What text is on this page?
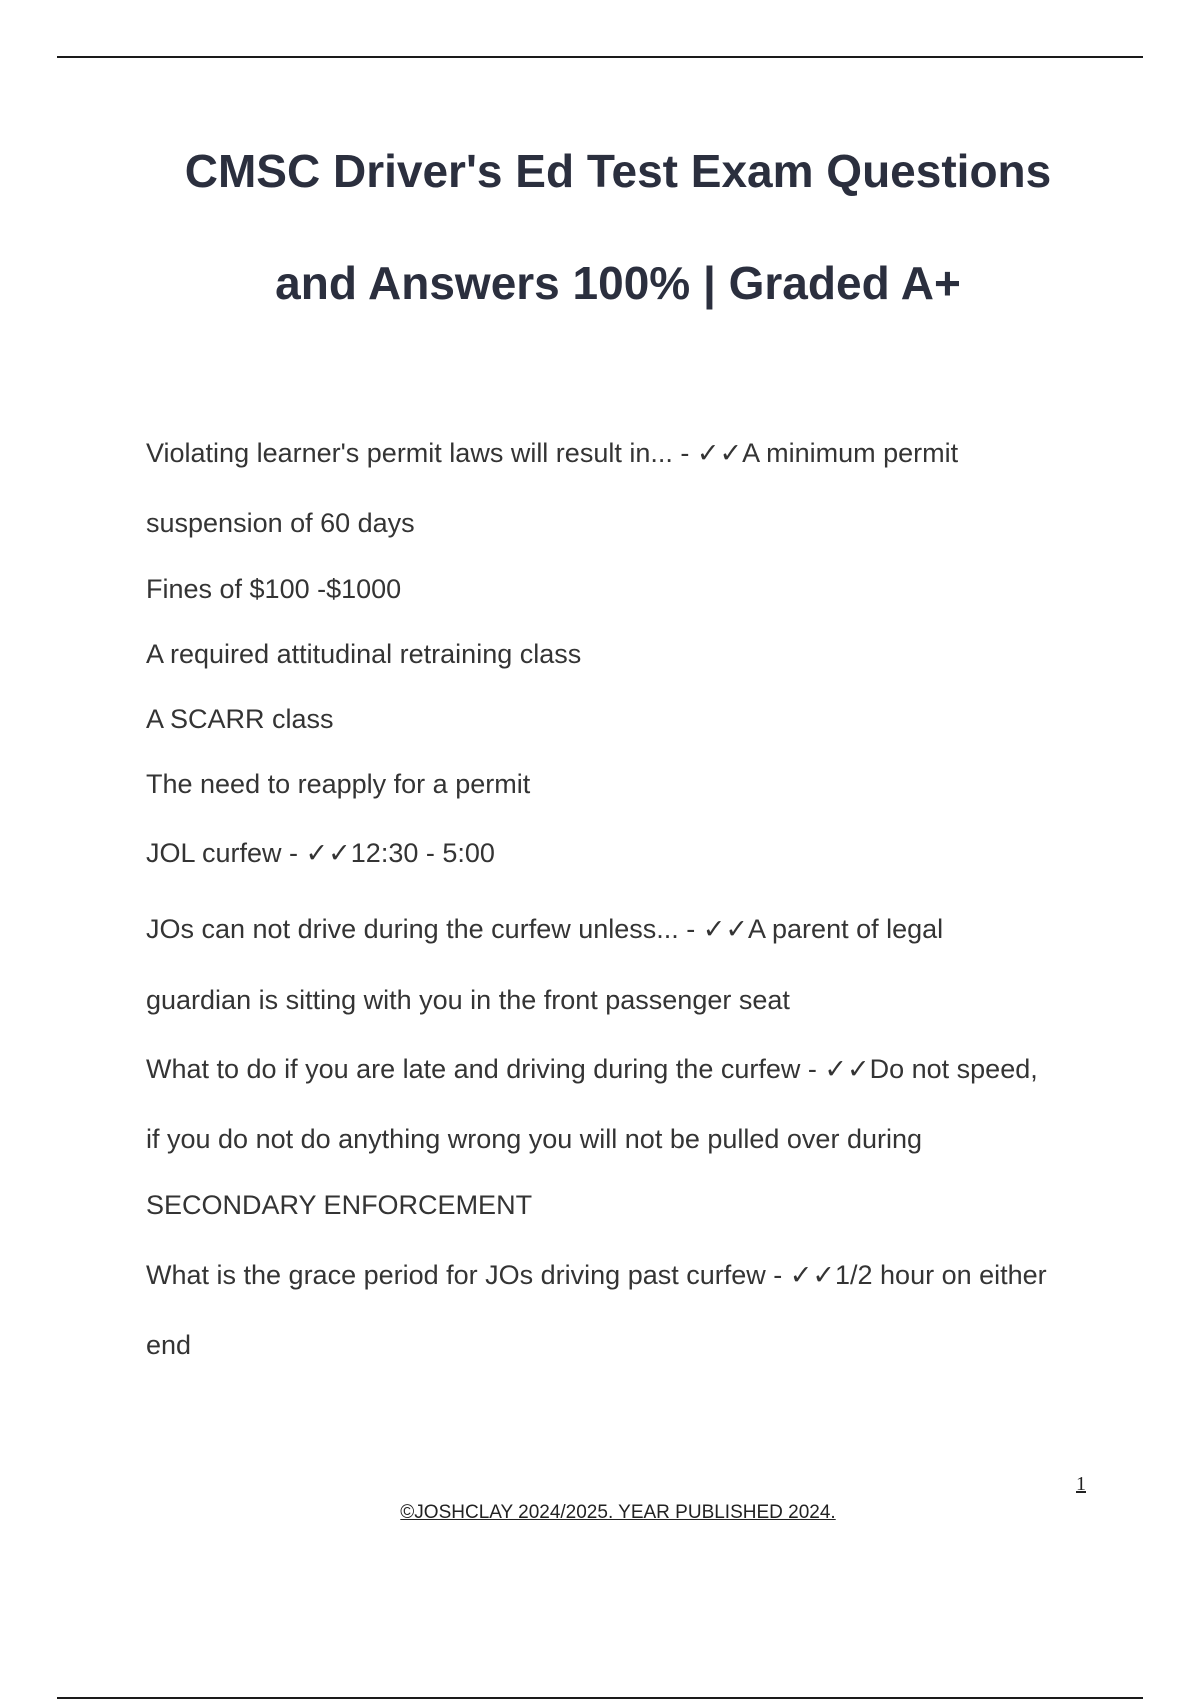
CMSC Driver's Ed Test Exam Questions
and Answers 100% | Graded A+

Violating learner's permit laws will result in... - ✓✓A minimum permit

suspension of 60 days

Fines of $100 -$1000

A required attitudinal retraining class

A SCARR class

The need to reapply for a permit

JOL curfew - ✓✓12:30 - 5:00

JOs can not drive during the curfew unless... - ✓✓A parent of legal

guardian is sitting with you in the front passenger seat

What to do if you are late and driving during the curfew - ✓✓Do not speed,

if you do not do anything wrong you will not be pulled over during

SECONDARY ENFORCEMENT

What is the grace period for JOs driving past curfew - ✓✓1/2 hour on either

end

1
©JOSHCLAY 2024/2025. YEAR PUBLISHED 2024.
